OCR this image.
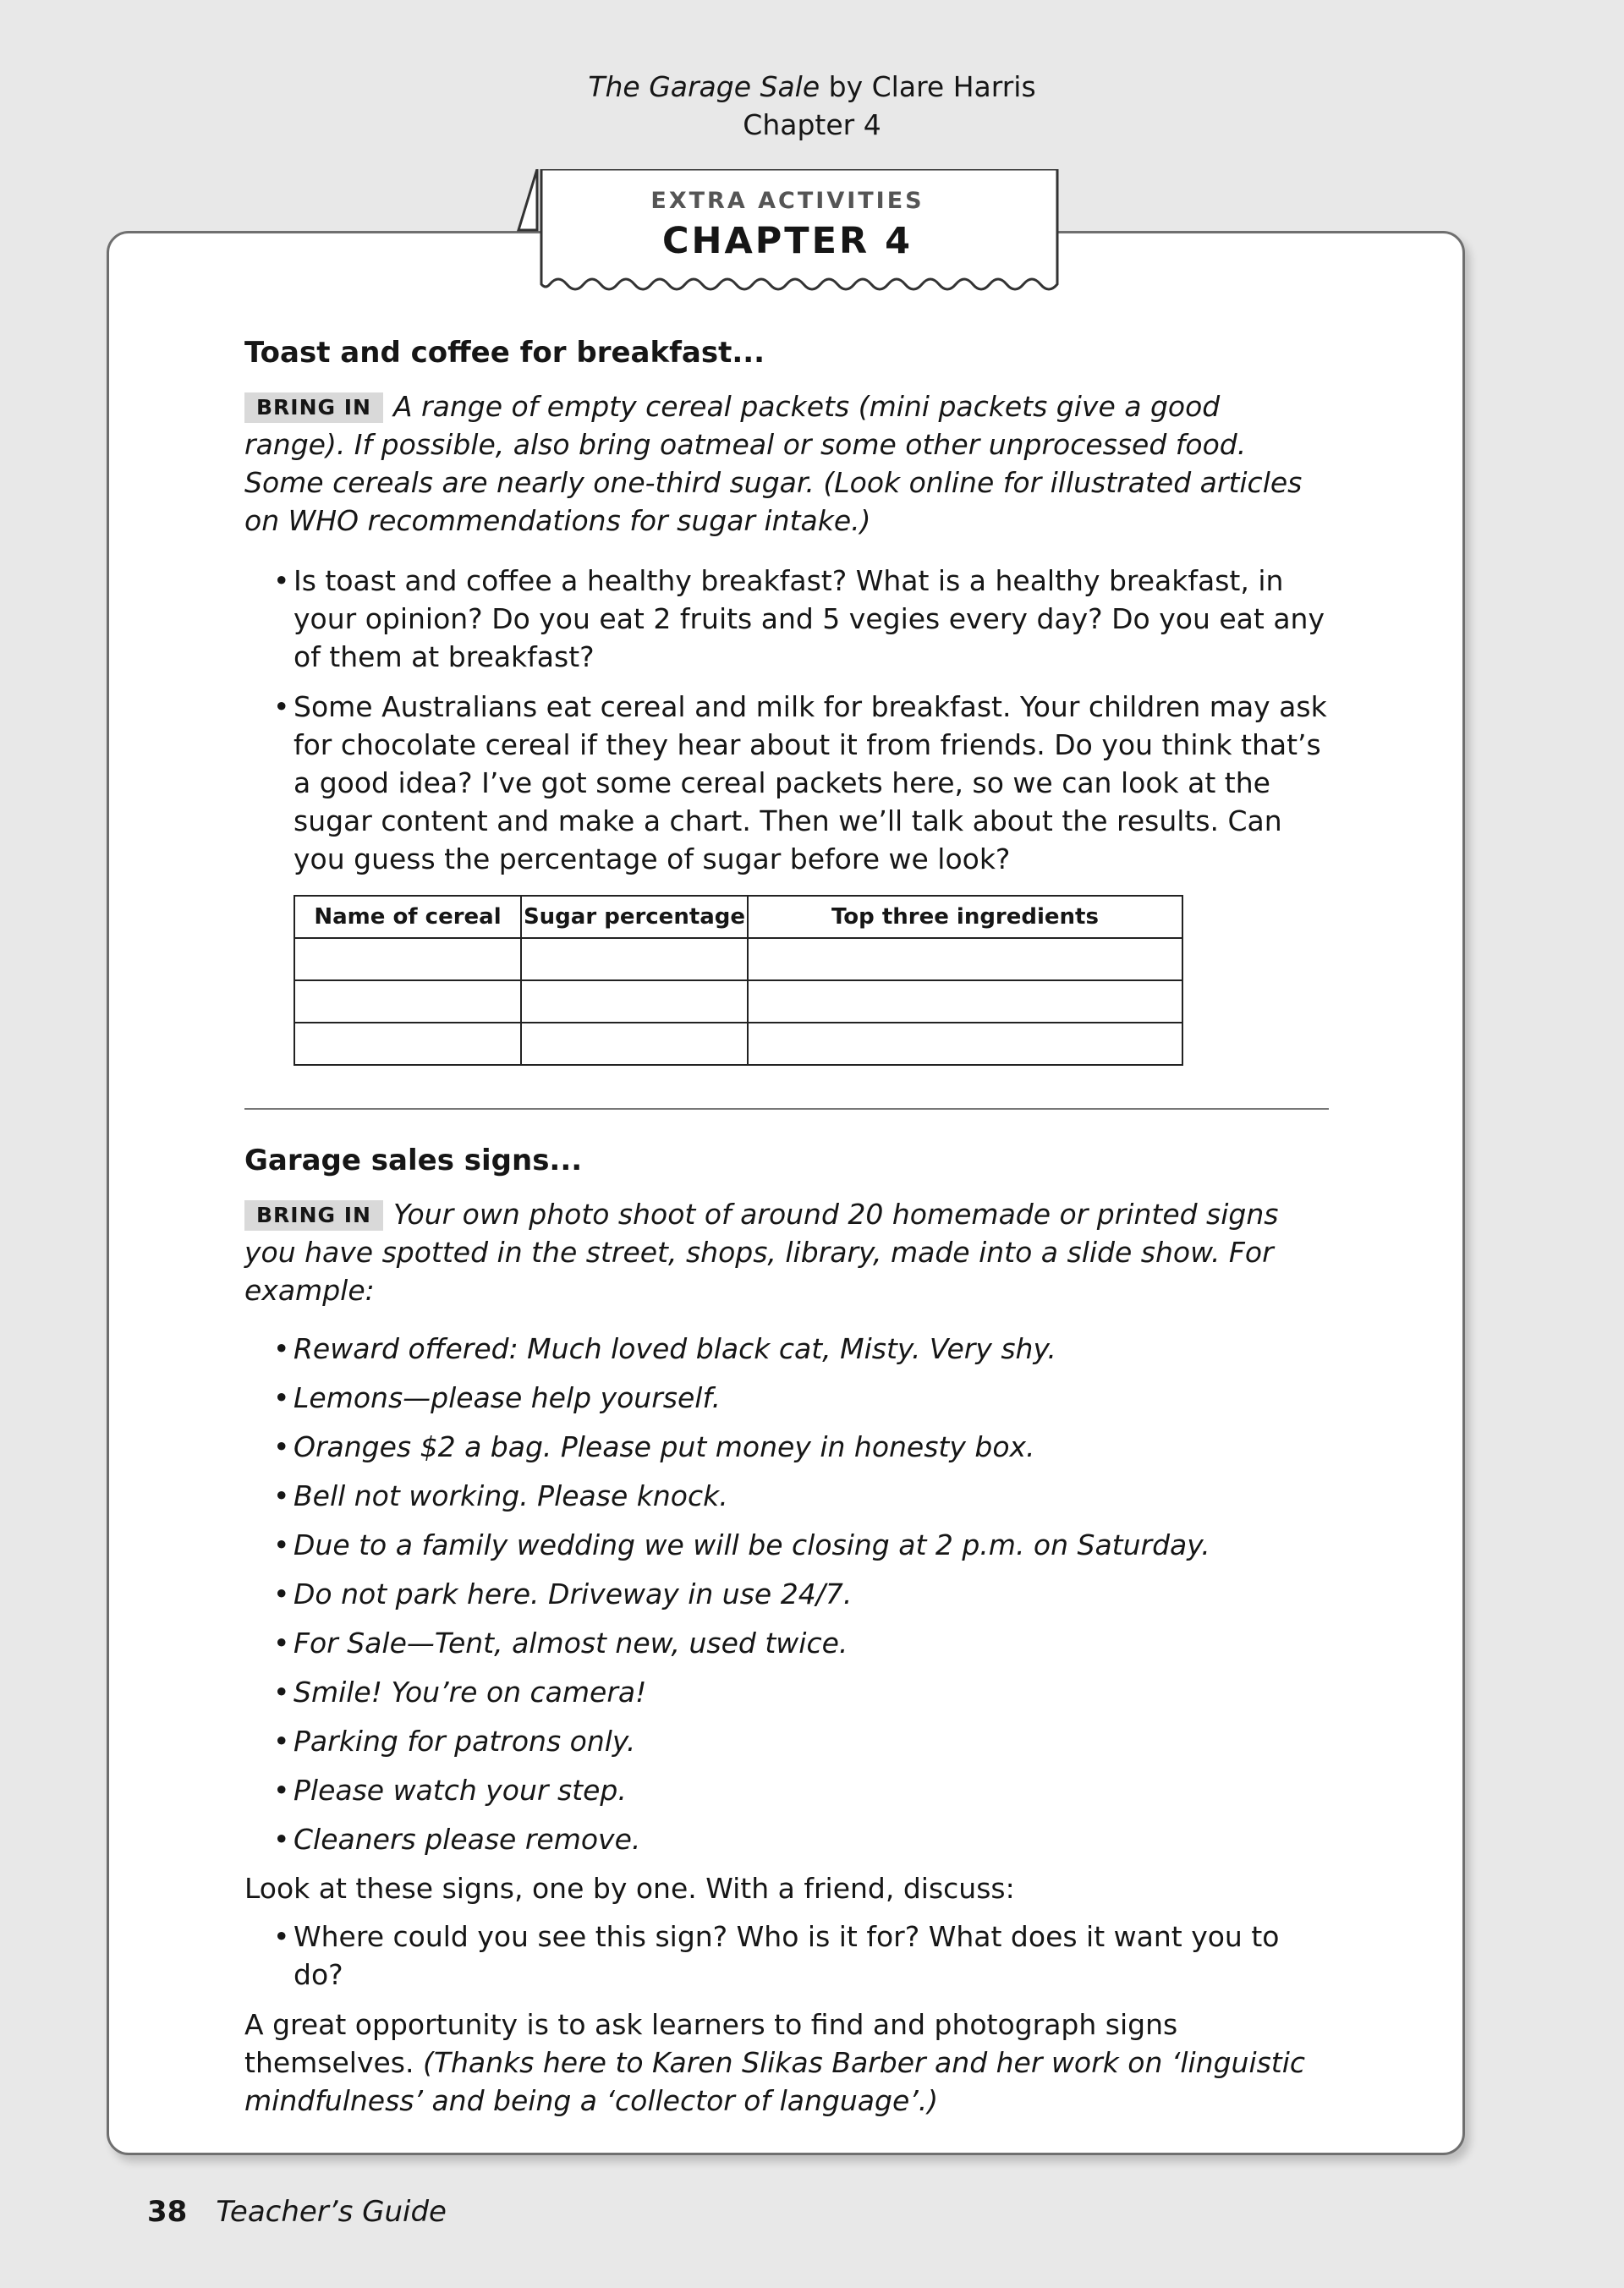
The Garage Sale by Clare Harris
Chapter 4
EXTRA ACTIVITIES
CHAPTER 4
Toast and coffee for breakfast...

BRING IN A range of empty cereal packets (mini packets give a good range). If possible, also bring oatmeal or some other unprocessed food. Some cereals are nearly one-third sugar. (Look online for illustrated articles on WHO recommendations for sugar intake.)

• Is toast and coffee a healthy breakfast? What is a healthy breakfast, in your opinion? Do you eat 2 fruits and 5 vegies every day? Do you eat any of them at breakfast?
• Some Australians eat cereal and milk for breakfast. Your children may ask for chocolate cereal if they hear about it from friends. Do you think that’s a good idea? I’ve got some cereal packets here, so we can look at the sugar content and make a chart. Then we’ll talk about the results. Can you guess the percentage of sugar before we look?
Name of cereal	Sugar percentage	Top three ingredients

Garage sales signs...

BRING IN Your own photo shoot of around 20 homemade or printed signs you have spotted in the street, shops, library, made into a slide show. For example:

• Reward offered: Much loved black cat, Misty. Very shy.
• Lemons—please help yourself.
• Oranges $2 a bag. Please put money in honesty box.
• Bell not working. Please knock.
• Due to a family wedding we will be closing at 2 p.m. on Saturday.
• Do not park here. Driveway in use 24/7.
• For Sale—Tent, almost new, used twice.
• Smile! You’re on camera!
• Parking for patrons only.
• Please watch your step.
• Cleaners please remove.

Look at these signs, one by one. With a friend, discuss:

• Where could you see this sign? Who is it for? What does it want you to do?

A great opportunity is to ask learners to find and photograph signs themselves. (Thanks here to Karen Slikas Barber and her work on ‘linguistic mindfulness’ and being a ‘collector of language’.)

38 Teacher’s Guide
